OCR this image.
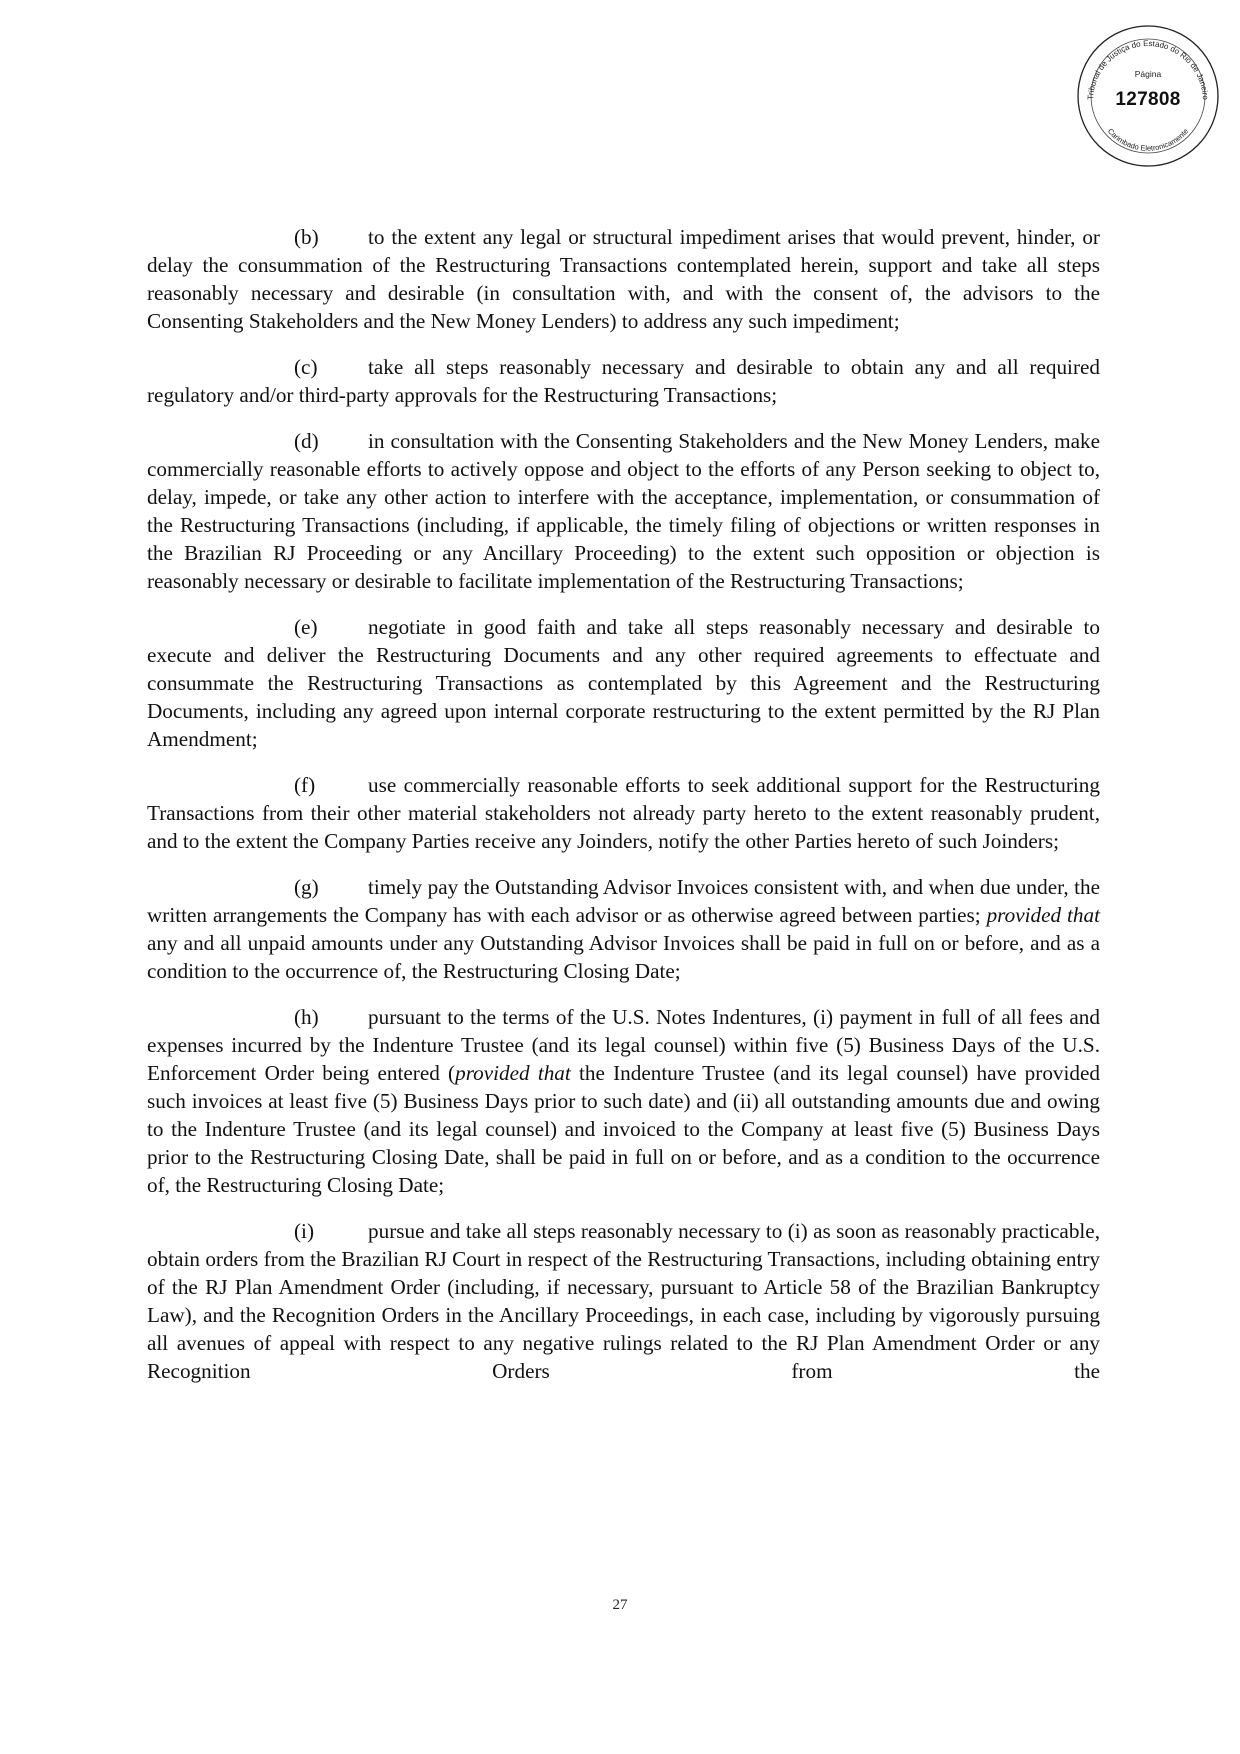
Tribunal de Justiça do Estado do Rio de Janeiro
Carimbado Eletronicamente
Página
127808

(b) to the extent any legal or structural impediment arises that would prevent, hinder, or delay the consummation of the Restructuring Transactions contemplated herein, support and take all steps reasonably necessary and desirable (in consultation with, and with the consent of, the advisors to the Consenting Stakeholders and the New Money Lenders) to address any such impediment;

(c) take all steps reasonably necessary and desirable to obtain any and all required regulatory and/or third-party approvals for the Restructuring Transactions;

(d) in consultation with the Consenting Stakeholders and the New Money Lenders, make commercially reasonable efforts to actively oppose and object to the efforts of any Person seeking to object to, delay, impede, or take any other action to interfere with the acceptance, implementation, or consummation of the Restructuring Transactions (including, if applicable, the timely filing of objections or written responses in the Brazilian RJ Proceeding or any Ancillary Proceeding) to the extent such opposition or objection is reasonably necessary or desirable to facilitate implementation of the Restructuring Transactions;

(e) negotiate in good faith and take all steps reasonably necessary and desirable to execute and deliver the Restructuring Documents and any other required agreements to effectuate and consummate the Restructuring Transactions as contemplated by this Agreement and the Restructuring Documents, including any agreed upon internal corporate restructuring to the extent permitted by the RJ Plan Amendment;

(f) use commercially reasonable efforts to seek additional support for the Restructuring Transactions from their other material stakeholders not already party hereto to the extent reasonably prudent, and to the extent the Company Parties receive any Joinders, notify the other Parties hereto of such Joinders;

(g) timely pay the Outstanding Advisor Invoices consistent with, and when due under, the written arrangements the Company has with each advisor or as otherwise agreed between parties; provided that any and all unpaid amounts under any Outstanding Advisor Invoices shall be paid in full on or before, and as a condition to the occurrence of, the Restructuring Closing Date;

(h) pursuant to the terms of the U.S. Notes Indentures, (i) payment in full of all fees and expenses incurred by the Indenture Trustee (and its legal counsel) within five (5) Business Days of the U.S. Enforcement Order being entered (provided that the Indenture Trustee (and its legal counsel) have provided such invoices at least five (5) Business Days prior to such date) and (ii) all outstanding amounts due and owing to the Indenture Trustee (and its legal counsel) and invoiced to the Company at least five (5) Business Days prior to the Restructuring Closing Date, shall be paid in full on or before, and as a condition to the occurrence of, the Restructuring Closing Date;

(i)	pursue and take all steps reasonably necessary to (i) as soon as reasonably practicable, obtain orders from the Brazilian RJ Court in respect of the Restructuring Transactions, including obtaining entry of the RJ Plan Amendment Order (including, if necessary, pursuant to Article 58 of the Brazilian Bankruptcy Law), and the Recognition Orders in the Ancillary Proceedings, in each case, including by vigorously pursuing all avenues of appeal with respect to any negative rulings related to the RJ Plan Amendment Order or any Recognition Orders from the

27
